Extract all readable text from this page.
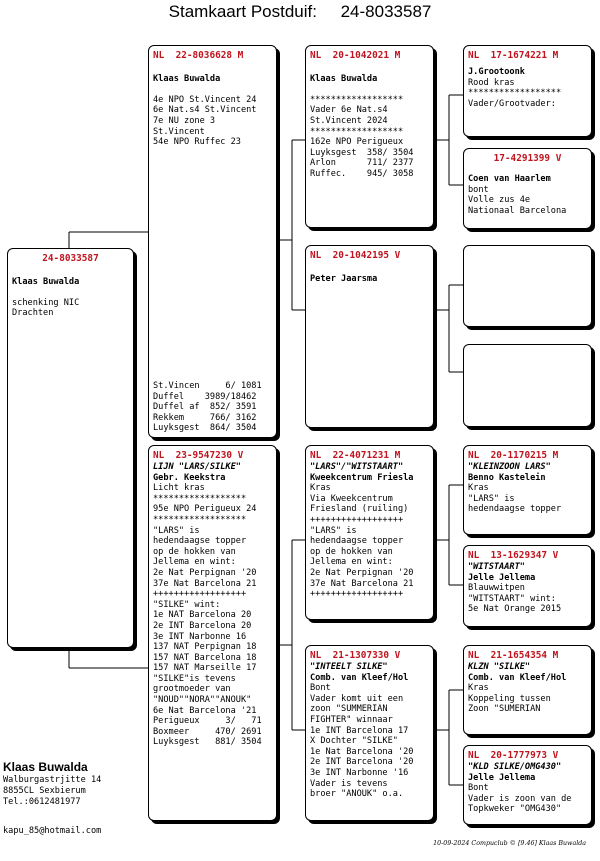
Stamkaart Postduif:     24-8033587
24-8033587
Klaas Buwalda
schenking NIC
Drachten
NL  22-8036628 M
Klaas Buwalda
4e NPO St.Vincent 24
6e Nat.s4 St.Vincent
7e NU zone 3
St.Vincent
54e NPO Ruffec 23
St.Vincen     6/ 1081
Duffel    3989/18462
Duffel af  852/ 3591
Rekkem     766/ 3162
Luyksgest  864/ 3504
NL  23-9547230 V
LIJN "LARS/SILKE"
Gebr. Keekstra
Licht kras
******************
95e NPO Perigueux 24
******************
"LARS" is
hedendaagse topper
op de hokken van
Jellema en wint:
2e Nat Perpignan '20
37e Nat Barcelona 21
++++++++++++++++++
"SILKE" wint:
1e NAT Barcelona 20
2e INT Barcelona 20
3e INT Narbonne 16
137 NAT Perpignan 18
157 NAT Barcelona 18
157 NAT Marseille 17
"SILKE"is tevens
grootmoeder van
"NOUD""NORA""ANOUK"
6e Nat Barcelona '21
Perigueux     3/   71
Boxmeer     470/ 2691
Luyksgest   881/ 3504
NL  20-1042021 M
Klaas Buwalda
******************
Vader 6e Nat.s4
St.Vincent 2024
******************
162e NPO Perigueux
Luyksgest  358/ 3504
Arlon      711/ 2377
Ruffec.    945/ 3058
NL  20-1042195 V
Peter Jaarsma
NL  22-4071231 M
"LARS"/"WITSTAART"
Kweekcentrum Friesla
Kras
Via Kweekcentrum
Friesland (ruiling)
++++++++++++++++++
"LARS" is
hedendaagse topper
op de hokken van
Jellema en wint:
2e Nat Perpignan '20
37e Nat Barcelona 21
++++++++++++++++++
NL  21-1307330 V
"INTEELT SILKE"
Comb. van Kleef/Hol
Bont
Vader komt uit een
zoon "SUMMERIAN
FIGHTER" winnaar
1e INT Barcelona 17
X Dochter "SILKE"
1e Nat Barcelona '20
2e INT Barcelona '20
3e INT Narbonne '16
Vader is tevens
broer "ANOUK" o.a.
NL  17-1674221 M
J.Grootoonk
Rood kras
******************
Vader/Grootvader:
17-4291399 V
Coen van Haarlem
bont
Volle zus 4e
Nationaal Barcelona
NL  20-1170215 M
"KLEINZOON LARS"
Benno Kastelein
Kras
"LARS" is
hedendaagse topper
NL  13-1629347 V
"WITSTAART"
Jelle Jellema
Blauwwitpen
"WITSTAART" wint:
5e Nat Orange 2015
NL  21-1654354 M
KLZN "SILKE"
Comb. van Kleef/Hol
Kras
Koppeling tussen
Zoon "SUMERIAN
NL  20-1777973 V
"KLD SILKE/OMG430"
Jelle Jellema
Bont
Vader is zoon van de
Topkweker "OMG430"
Klaas Buwalda
Walburgastrjitte 14
8855CL Sexbierum
Tel.:0612481977
kapu_85@hotmail.com
10-09-2024 Compuclub © [9.46] Klaas Buwalda
